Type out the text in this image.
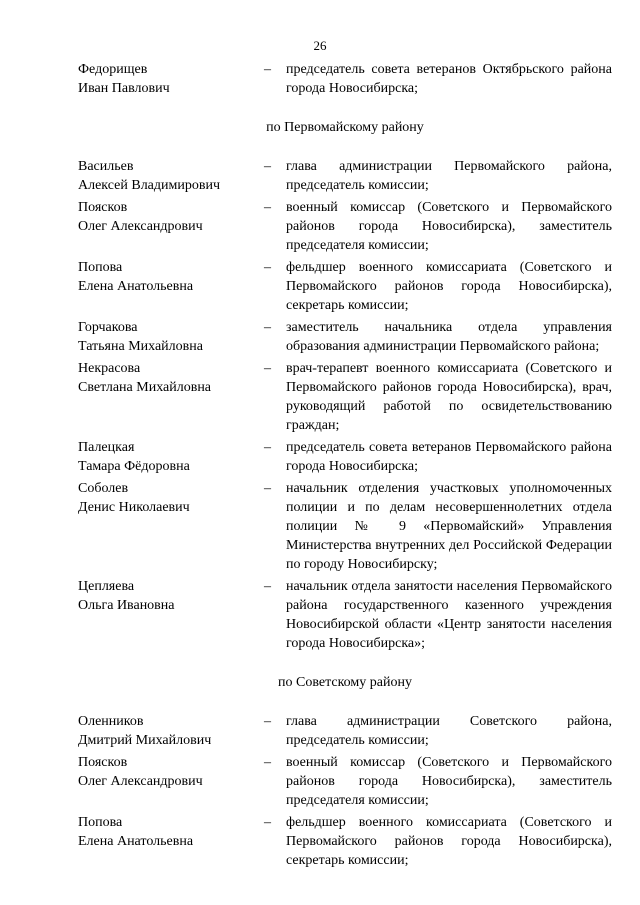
26
Федорищев
Иван Павлович
–	председатель совета ветеранов Октябрьского района города Новосибирска;
по Первомайскому району
Васильев
Алексей Владимирович
–	глава администрации Первомайского района, председатель комиссии;
Поясков
Олег Александрович
–	военный комиссар (Советского и Первомайского районов города Новосибирска), заместитель председателя комиссии;
Попова
Елена Анатольевна
–	фельдшер военного комиссариата (Советского и Первомайского районов города Новосибирска), секретарь комиссии;
Горчакова
Татьяна Михайловна
–	заместитель начальника отдела управления образования администрации Первомайского района;
Некрасова
Светлана Михайловна
–	врач-терапевт военного комиссариата (Советского и Первомайского районов города Новосибирска), врач, руководящий работой по освидетельствованию граждан;
Палецкая
Тамара Фёдоровна
–	председатель совета ветеранов Первомайского района города Новосибирска;
Соболев
Денис Николаевич
–	начальник отделения участковых уполномоченных полиции и по делам несовершеннолетних отдела полиции № 9 «Первомайский» Управления Министерства внутренних дел Российской Федерации по городу Новосибирску;
Цепляева
Ольга Ивановна
–	начальник отдела занятости населения Первомайского района государственного казенного учреждения Новосибирской области «Центр занятости населения города Новосибирска»;
по Советскому району
Оленников
Дмитрий Михайлович
–	глава администрации Советского района, председатель комиссии;
Поясков
Олег Александрович
–	военный комиссар (Советского и Первомайского районов города Новосибирска), заместитель председателя комиссии;
Попова
Елена Анатольевна
–	фельдшер военного комиссариата (Советского и Первомайского районов города Новосибирска), секретарь комиссии;
